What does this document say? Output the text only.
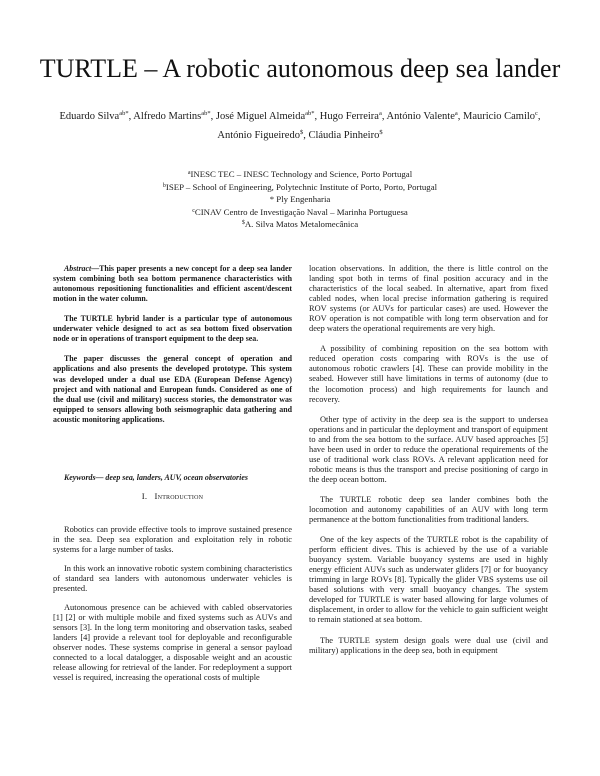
TURTLE – A robotic autonomous deep sea lander
Eduardo Silva$^{ab*}$, Alfredo Martins$^{ab*}$, José Miguel Almeida$^{ab*}$, Hugo Ferreira$^a$, António Valente$^a$, Mauricio Camilo$^c$,
António Figueiredo$, Cláudia Pinheiro$
$^a$INESC TEC – INESC Technology and Science, Porto Portugal
$^b$ISEP – School of Engineering, Polytechnic Institute of Porto, Porto, Portugal
* Ply Engenharia
$^c$CINAV Centro de Investigação Naval – Marinha Portuguesa
$A. Silva Matos Metalomecânica

Abstract—This paper presents a new concept for a deep sea lander system combining both sea bottom permanence characteristics with autonomous repositioning functionalities and efficient ascent/descent motion in the water column.

The TURTLE hybrid lander is a particular type of autonomous underwater vehicle designed to act as sea bottom fixed observation node or in operations of transport equipment to the deep sea.

The paper discusses the general concept of operation and applications and also presents the developed prototype. This system was developed under a dual use EDA (European Defense Agency) project and with national and European funds. Considered as one of the dual use (civil and military) success stories, the demonstrator was equipped to sensors allowing both seismographic data gathering and acoustic monitoring applications.

Keywords— deep sea, landers, AUV, ocean observatories

I. Introduction

Robotics can provide effective tools to improve sustained presence in the sea. Deep sea exploration and exploitation rely in robotic systems for a large number of tasks.

In this work an innovative robotic system combining characteristics of standard sea landers with autonomous underwater vehicles is presented.

Autonomous presence can be achieved with cabled observatories [1] [2] or with multiple mobile and fixed systems such as AUVs and sensors [3]. In the long term monitoring and observation tasks, seabed landers [4] provide a relevant tool for deployable and reconfigurable observer nodes. These systems comprise in general a sensor payload connected to a local datalogger, a disposable weight and an acoustic release allowing for retrieval of the lander. For redeployment a support vessel is required, increasing the operational costs of multiple

location observations. In addition, the there is little control on the landing spot both in terms of final position accuracy and in the characteristics of the local seabed. In alternative, apart from fixed cabled nodes, when local precise information gathering is required ROV systems (or AUVs for particular cases) are used. However the ROV operation is not compatible with long term observation and for deep waters the operational requirements are very high.

A possibility of combining reposition on the sea bottom with reduced operation costs comparing with ROVs is the use of autonomous robotic crawlers [4]. These can provide mobility in the seabed. However still have limitations in terms of autonomy (due to the locomotion process) and high requirements for launch and recovery.

Other type of activity in the deep sea is the support to undersea operations and in particular the deployment and transport of equipment to and from the sea bottom to the surface. AUV based approaches [5] have been used in order to reduce the operational requirements of the use of traditional work class ROVs. A relevant application need for robotic means is thus the transport and precise positioning of cargo in the deep ocean bottom.

The TURTLE robotic deep sea lander combines both the locomotion and autonomy capabilities of an AUV with long term permanence at the bottom functionalities from traditional landers.

One of the key aspects of the TURTLE robot is the capability of perform efficient dives. This is achieved by the use of a variable buoyancy system. Variable buoyancy systems are used in highly energy efficient AUVs such as underwater gliders [7] or for buoyancy trimming in large ROVs [8]. Typically the glider VBS systems use oil based solutions with very small buoyancy changes. The system developed for TURTLE is water based allowing for large volumes of displacement, in order to allow for the vehicle to gain sufficient weight to remain stationed at sea bottom.

The TURTLE system design goals were dual use (civil and military) applications in the deep sea, both in equipment
